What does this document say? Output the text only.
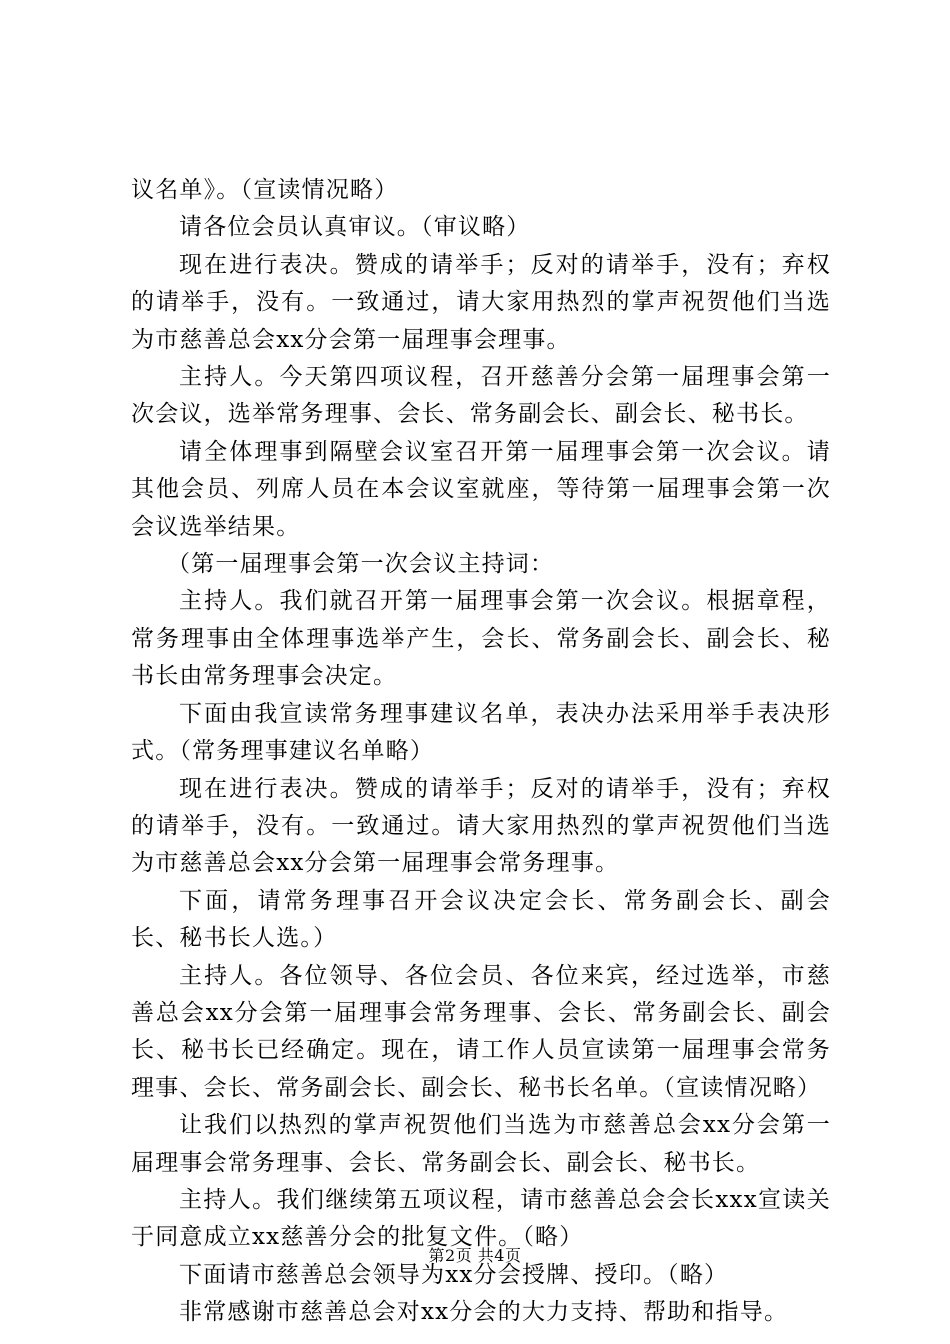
议名单》。（宣读情况略）

请各位会员认真审议。（审议略）

现在进行表决。赞成的请举手；反对的请举手，没有；弃权的请举手，没有。一致通过，请大家用热烈的掌声祝贺他们当选为市慈善总会xx分会第一届理事会理事。

主持人。今天第四项议程，召开慈善分会第一届理事会第一次会议，选举常务理事、会长、常务副会长、副会长、秘书长。

请全体理事到隔壁会议室召开第一届理事会第一次会议。请其他会员、列席人员在本会议室就座，等待第一届理事会第一次会议选举结果。

（第一届理事会第一次会议主持词：

主持人。我们就召开第一届理事会第一次会议。根据章程，常务理事由全体理事选举产生，会长、常务副会长、副会长、秘书长由常务理事会决定。

下面由我宣读常务理事建议名单，表决办法采用举手表决形式。（常务理事建议名单略）

现在进行表决。赞成的请举手；反对的请举手，没有；弃权的请举手，没有。一致通过。请大家用热烈的掌声祝贺他们当选为市慈善总会xx分会第一届理事会常务理事。

下面，请常务理事召开会议决定会长、常务副会长、副会长、秘书长人选。）

主持人。各位领导、各位会员、各位来宾，经过选举，市慈善总会xx分会第一届理事会常务理事、会长、常务副会长、副会长、秘书长已经确定。现在，请工作人员宣读第一届理事会常务理事、会长、常务副会长、副会长、秘书长名单。（宣读情况略）

让我们以热烈的掌声祝贺他们当选为市慈善总会xx分会第一届理事会常务理事、会长、常务副会长、副会长、秘书长。

主持人。我们继续第五项议程，请市慈善总会会长xxx宣读关于同意成立xx慈善分会的批复文件。（略）

下面请市慈善总会领导为xx分会授牌、授印。（略）

非常感谢市慈善总会对xx分会的大力支持、帮助和指导。

第2页 共4页
